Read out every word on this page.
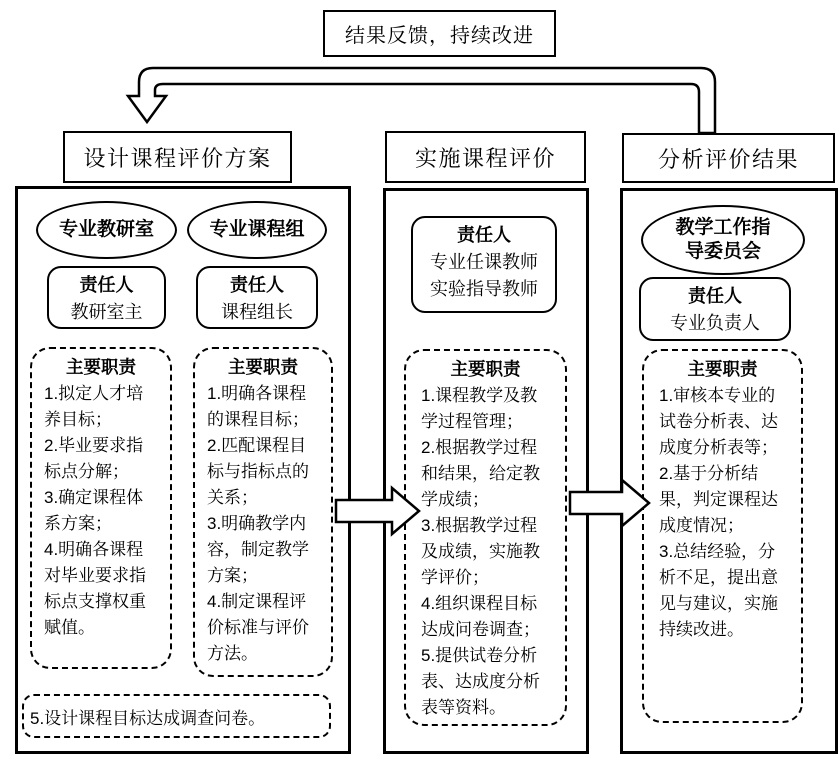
结果反馈，持续改进
设计课程评价方案	实施课程评价	分析评价结果
专业教研室	专业课程组
责任人
教研室主
责任人
课程组长
主要职责
1.拟定人才培养目标；
2.毕业要求指标点分解；
3.确定课程体系方案；
4.明确各课程对毕业要求指标点支撑权重赋值。
主要职责
1.明确各课程的课程目标；
2.匹配课程目标与指标点的关系；
3.明确教学内容，制定教学方案；
4.制定课程评价标准与评价方法。
5.设计课程目标达成调查问卷。
责任人
专业任课教师
实验指导教师
主要职责
1.课程教学及教学过程管理；
2.根据教学过程和结果，给定教学成绩；
3.根据教学过程及成绩，实施教学评价；
4.组织课程目标达成问卷调查；
5.提供试卷分析表、达成度分析表等资料。
教学工作指导委员会
责任人
专业负责人
主要职责
1.审核本专业的试卷分析表、达成度分析表等；
2.基于分析结果，判定课程达成度情况；
3.总结经验，分析不足，提出意见与建议，实施持续改进。
